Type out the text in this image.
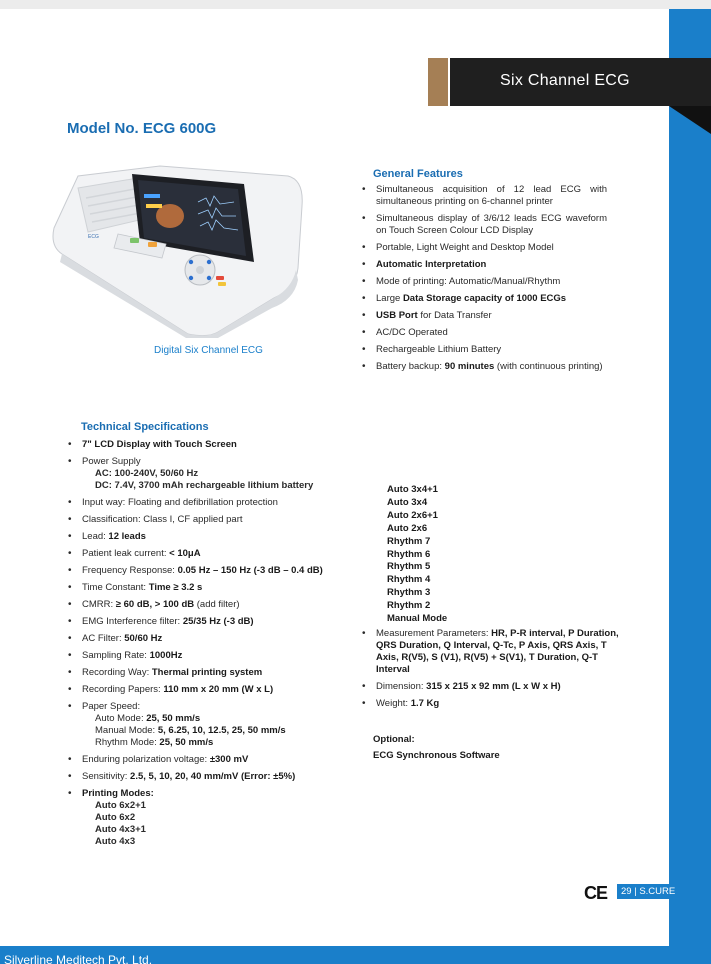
Six Channel ECG
Model No. ECG 600G
ECG
Digital Six Channel ECG
General Features
• Simultaneous acquisition of 12 lead ECG with simultaneous printing on 6-channel printer
• Simultaneous display of 3/6/12 leads ECG waveform on Touch Screen Colour LCD Display
• Portable, Light Weight and Desktop Model
• Automatic Interpretation
• Mode of printing: Automatic/Manual/Rhythm
• Large Data Storage capacity of 1000 ECGs
• USB Port for Data Transfer
• AC/DC Operated
• Rechargeable Lithium Battery
• Battery backup: 90 minutes (with continuous printing)
Technical Specifications
• 7" LCD Display with Touch Screen
• Power Supply
AC: 100-240V, 50/60 Hz
DC: 7.4V, 3700 mAh rechargeable lithium battery
• Input way: Floating and defibrillation protection
• Classification: Class I, CF applied part
• Lead: 12 leads
• Patient leak current: < 10μA
• Frequency Response: 0.05 Hz – 150 Hz (-3 dB – 0.4 dB)
• Time Constant: Time ≥ 3.2 s
• CMRR: ≥ 60 dB, > 100 dB (add filter)
• EMG Interference filter: 25/35 Hz (-3 dB)
• AC Filter: 50/60 Hz
• Sampling Rate: 1000Hz
• Recording Way: Thermal printing system
• Recording Papers: 110 mm x 20 mm (W x L)
• Paper Speed:
Auto Mode: 25, 50 mm/s
Manual Mode: 5, 6.25, 10, 12.5, 25, 50 mm/s
Rhythm Mode: 25, 50 mm/s
• Enduring polarization voltage: ±300 mV
• Sensitivity: 2.5, 5, 10, 20, 40 mm/mV (Error: ±5%)
• Printing Modes:
Auto 6x2+1
Auto 6x2
Auto 4x3+1
Auto 4x3
Auto 3x4+1
Auto 3x4
Auto 2x6+1
Auto 2x6
Rhythm 7
Rhythm 6
Rhythm 5
Rhythm 4
Rhythm 3
Rhythm 2
Manual Mode
• Measurement Parameters: HR, P-R interval, P Duration, QRS Duration, Q Interval, Q-Tc, P Axis, QRS Axis, T Axis, R(V5), S (V1), R(V5) + S(V1), T Duration, Q-T Interval
• Dimension: 315 x 215 x 92 mm (L x W x H)
• Weight: 1.7 Kg
Optional:
ECG Synchronous Software
CE	29 | S.CURE
Silverline Meditech Pvt. Ltd.
